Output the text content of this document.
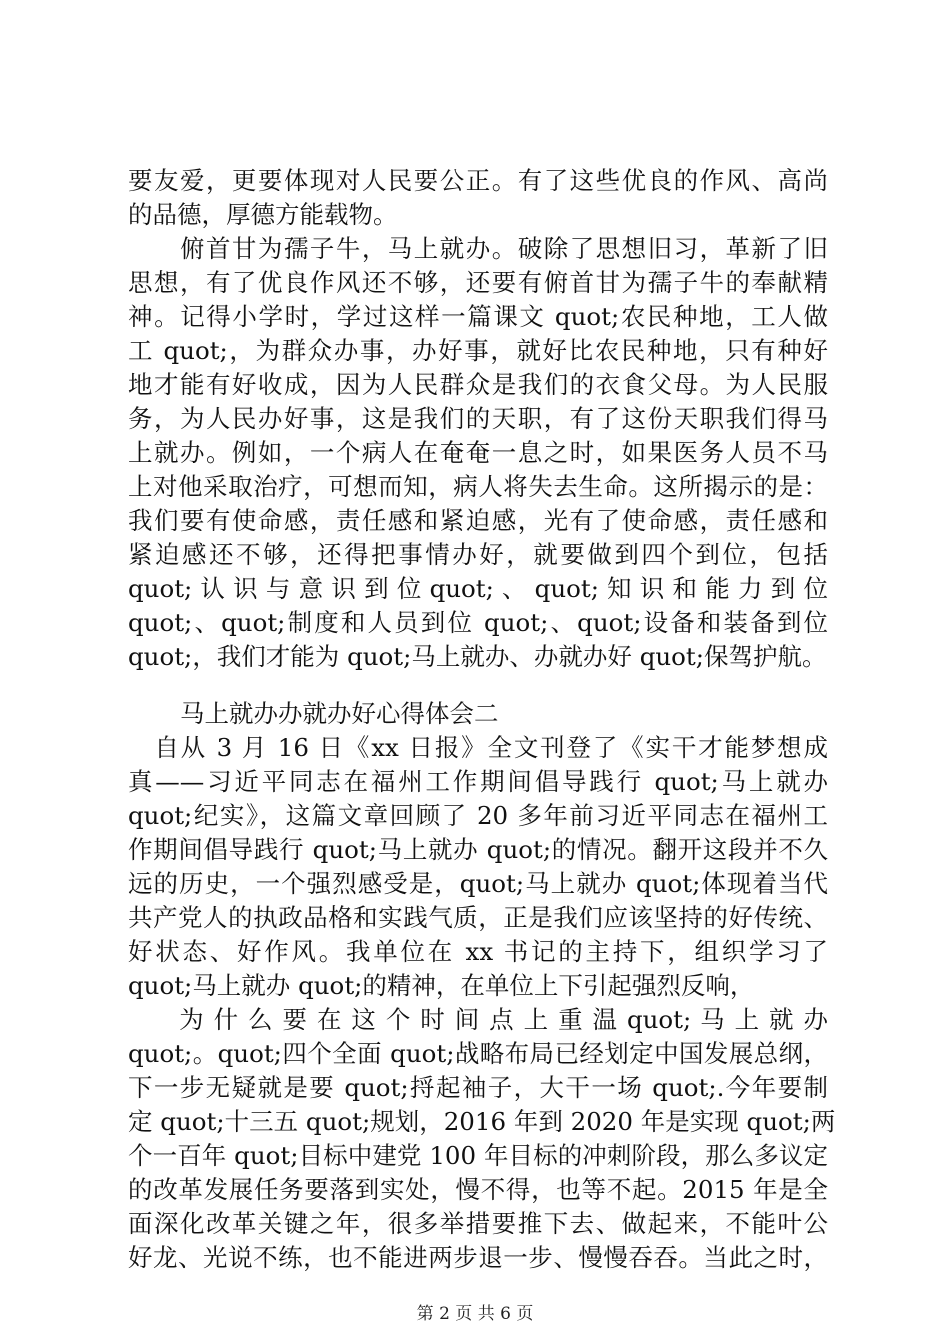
要友爱，更要体现对人民要公正。有了这些优良的作风、高尚
的品德，厚德方能载物。
　　俯首甘为孺子牛，马上就办。破除了思想旧习，革新了旧
思想，有了优良作风还不够，还要有俯首甘为孺子牛的奉献精
神。记得小学时，学过这样一篇课文 quot;农民种地，工人做
工 quot;，为群众办事，办好事，就好比农民种地，只有种好
地才能有好收成，因为人民群众是我们的衣食父母。为人民服
务，为人民办好事，这是我们的天职，有了这份天职我们得马
上就办。例如，一个病人在奄奄一息之时，如果医务人员不马
上对他采取治疗，可想而知，病人将失去生命。这所揭示的是：
我们要有使命感，责任感和紧迫感，光有了使命感，责任感和
紧迫感还不够，还得把事情办好，就要做到四个到位，包括
quot; 认 识 与 意 识 到 位 quot; 、 quot; 知 识 和 能 力 到 位
quot;、quot;制度和人员到位 quot;、quot;设备和装备到位
quot;，我们才能为 quot;马上就办、办就办好 quot;保驾护航。
马上就办办就办好心得体会二
　自从 3 月 16 日《xx 日报》全文刊登了《实干才能梦想成
真——习近平同志在福州工作期间倡导践行 quot;马上就办
quot;纪实》，这篇文章回顾了 20 多年前习近平同志在福州工
作期间倡导践行 quot;马上就办 quot;的情况。翻开这段并不久
远的历史，一个强烈感受是，quot;马上就办 quot;体现着当代
共产党人的执政品格和实践气质，正是我们应该坚持的好传统、
好状态、好作风。我单位在 xx 书记的主持下，组织学习了
quot;马上就办 quot;的精神，在单位上下引起强烈反响，
　　为 什 么 要 在 这 个 时 间 点 上 重 温 quot; 马 上 就 办
quot;。quot;四个全面 quot;战略布局已经划定中国发展总纲，
下一步无疑就是要 quot;捋起袖子，大干一场 quot;.今年要制
定 quot;十三五 quot;规划，2016 年到 2020 年是实现 quot;两
个一百年 quot;目标中建党 100 年目标的冲刺阶段，那么多议定
的改革发展任务要落到实处，慢不得，也等不起。2015 年是全
面深化改革关键之年，很多举措要推下去、做起来，不能叶公
好龙、光说不练，也不能进两步退一步、慢慢吞吞。当此之时，
第 2 页 共 6 页
